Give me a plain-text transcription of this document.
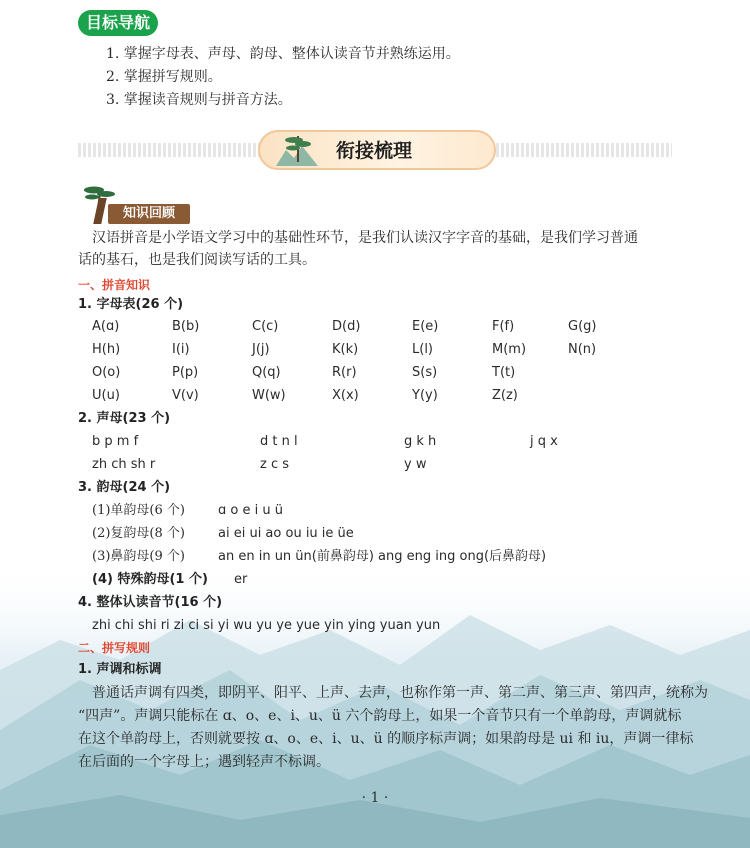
目标导航
1. 掌握字母表、声母、韵母、整体认读音节并熟练运用。
2. 掌握拼写规则。
3. 掌握读音规则与拼音方法。
衔接梳理
知识回顾
汉语拼音是小学语文学习中的基础性环节，是我们认读汉字字音的基础，是我们学习普通
话的基石，也是我们阅读写话的工具。
一、拼音知识
1. 字母表(26 个)
A(ɑ)	B(b)	C(c)	D(d)	E(e)	F(f)	G(g)
H(h)	I(i)	J(j)	K(k)	L(l)	M(m)	N(n)
O(o)	P(p)	Q(q)	R(r)	S(s)	T(t)
U(u)	V(v)	W(w)	X(x)	Y(y)	Z(z)
2. 声母(23 个)
b p m f	d t n l	g k h	j q x
zh ch sh r	z c s	y w
3. 韵母(24 个)
(1)单韵母(6 个)	ɑ o e i u ü
(2)复韵母(8 个)	ai ei ui ao ou iu ie üe
(3)鼻韵母(9 个)	an en in un ün(前鼻韵母) ang eng ing ong(后鼻韵母)
(4) 特殊韵母(1 个) er
4. 整体认读音节(16 个)
zhi chi shi ri zi ci si yi wu yu ye yue yin ying yuan yun
二、拼写规则
1. 声调和标调
普通话声调有四类，即阴平、阳平、上声、去声，也称作第一声、第二声、第三声、第四声，统称为
“四声”。声调只能标在 ɑ、o、e、i、u、ü 六个韵母上，如果一个音节只有一个单韵母，声调就标
在这个单韵母上，否则就要按 ɑ、o、e、i、u、ü 的顺序标声调；如果韵母是 ui 和 iu，声调一律标
在后面的一个字母上；遇到轻声不标调。
· 1 ·
